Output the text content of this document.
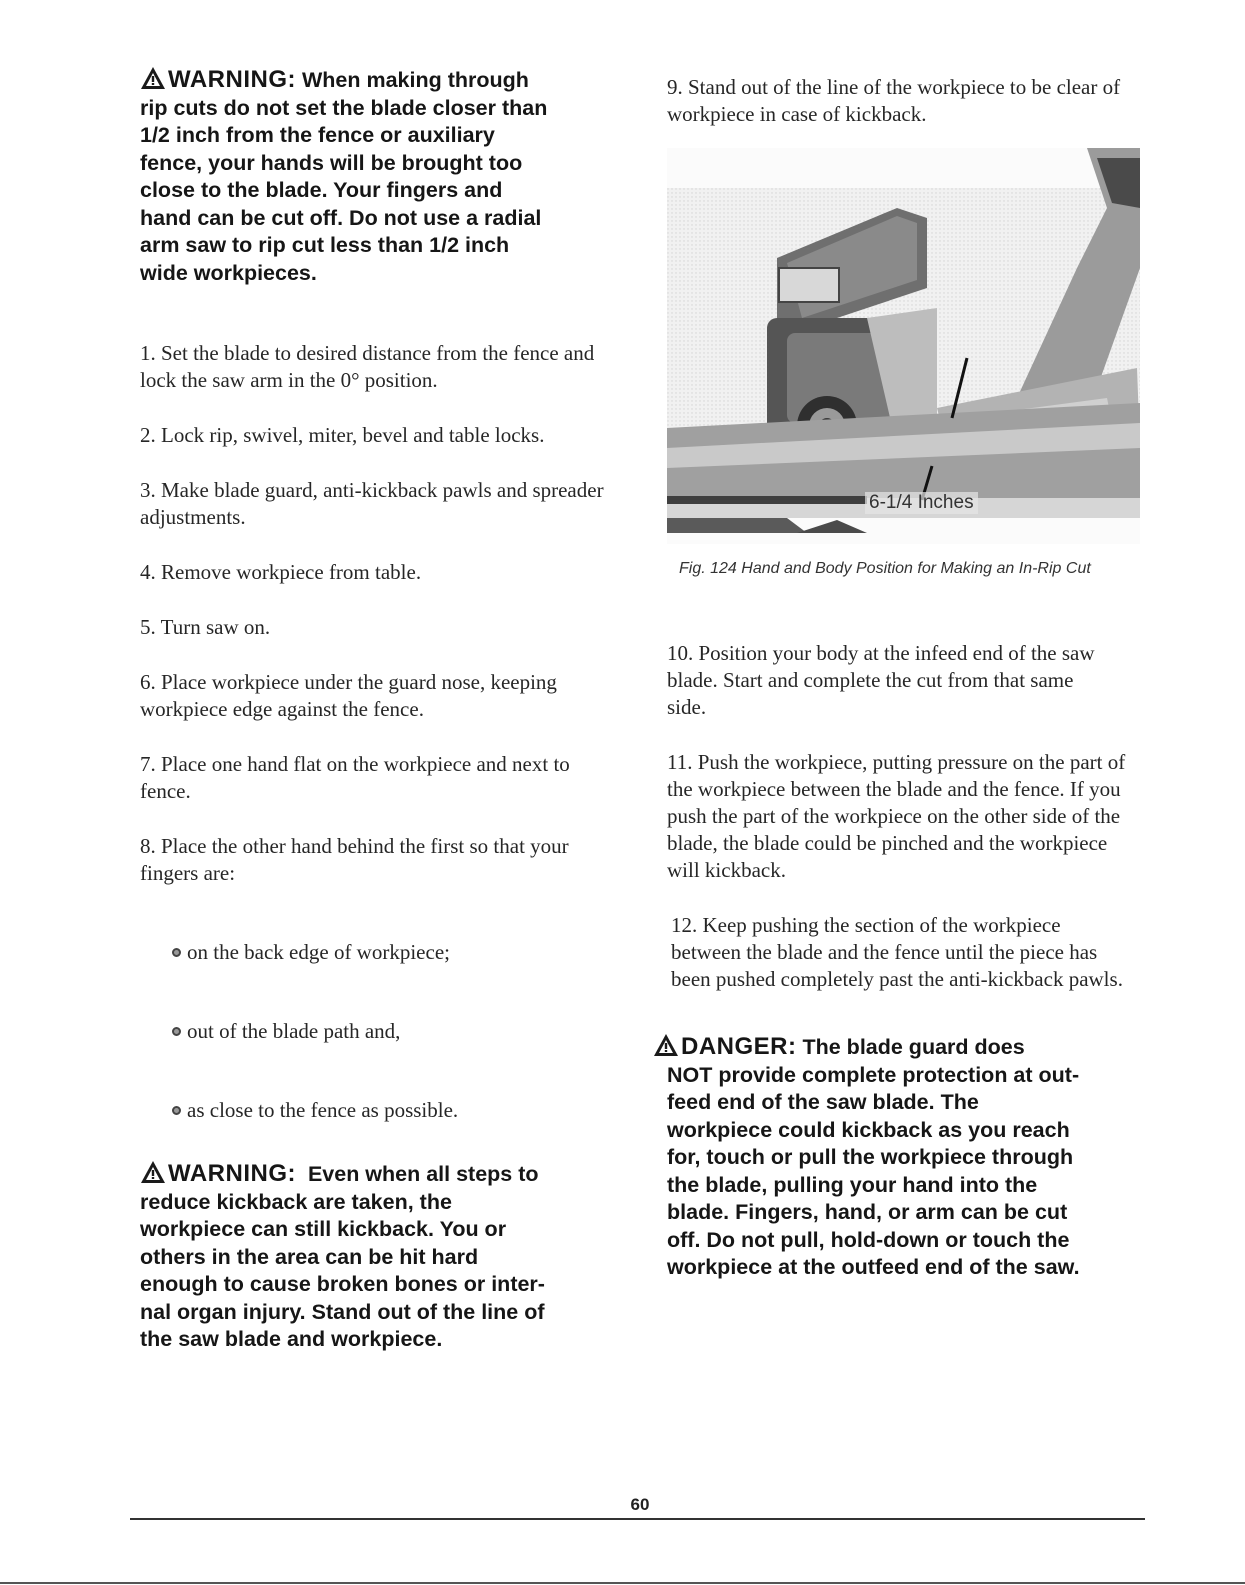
WARNING: When making through

rip cuts do not set the blade closer than

1/2 inch from the fence or auxiliary

fence, your hands will be brought too

close to the blade. Your fingers and

hand can be cut off. Do not use a radial

arm saw to rip cut less than 1/2 inch

wide workpieces.

1. Set the blade to desired distance from the fence and lock the saw arm in the 0° position.

2. Lock rip, swivel, miter, bevel and table locks.

3. Make blade guard, anti-kickback pawls and spreader adjustments.

4. Remove workpiece from table.

5. Turn saw on.

6. Place workpiece under the guard nose, keeping workpiece edge against the fence.

7. Place one hand flat on the workpiece and next to fence.

8. Place the other hand behind the first so that your fingers are:

on the back edge of workpiece;

out of the blade path and,

as close to the fence as possible.

WARNING: Even when all steps to

reduce kickback are taken, the

workpiece can still kickback. You or

others in the area can be hit hard

enough to cause broken bones or inter-

nal organ injury. Stand out of the line of

the saw blade and workpiece.

9. Stand out of the line of the workpiece to be clear of workpiece in case of kickback.

6-1/4 Inches

Fig. 124 Hand and Body Position for Making an In-Rip Cut

10. Position your body at the infeed end of the saw blade. Start and complete the cut from that same side.

11. Push the workpiece, putting pressure on the part of the workpiece between the blade and the fence. If you push the part of the workpiece on the other side of the blade, the blade could be pinched and the workpiece will kickback.

12. Keep pushing the section of the workpiece between the blade and the fence until the piece has been pushed completely past the anti-kickback pawls.

DANGER: The blade guard does

NOT provide complete protection at out-

feed end of the saw blade. The

workpiece could kickback as you reach

for, touch or pull the workpiece through

the blade, pulling your hand into the

blade. Fingers, hand, or arm can be cut

off. Do not pull, hold-down or touch the

workpiece at the outfeed end of the saw.

60
